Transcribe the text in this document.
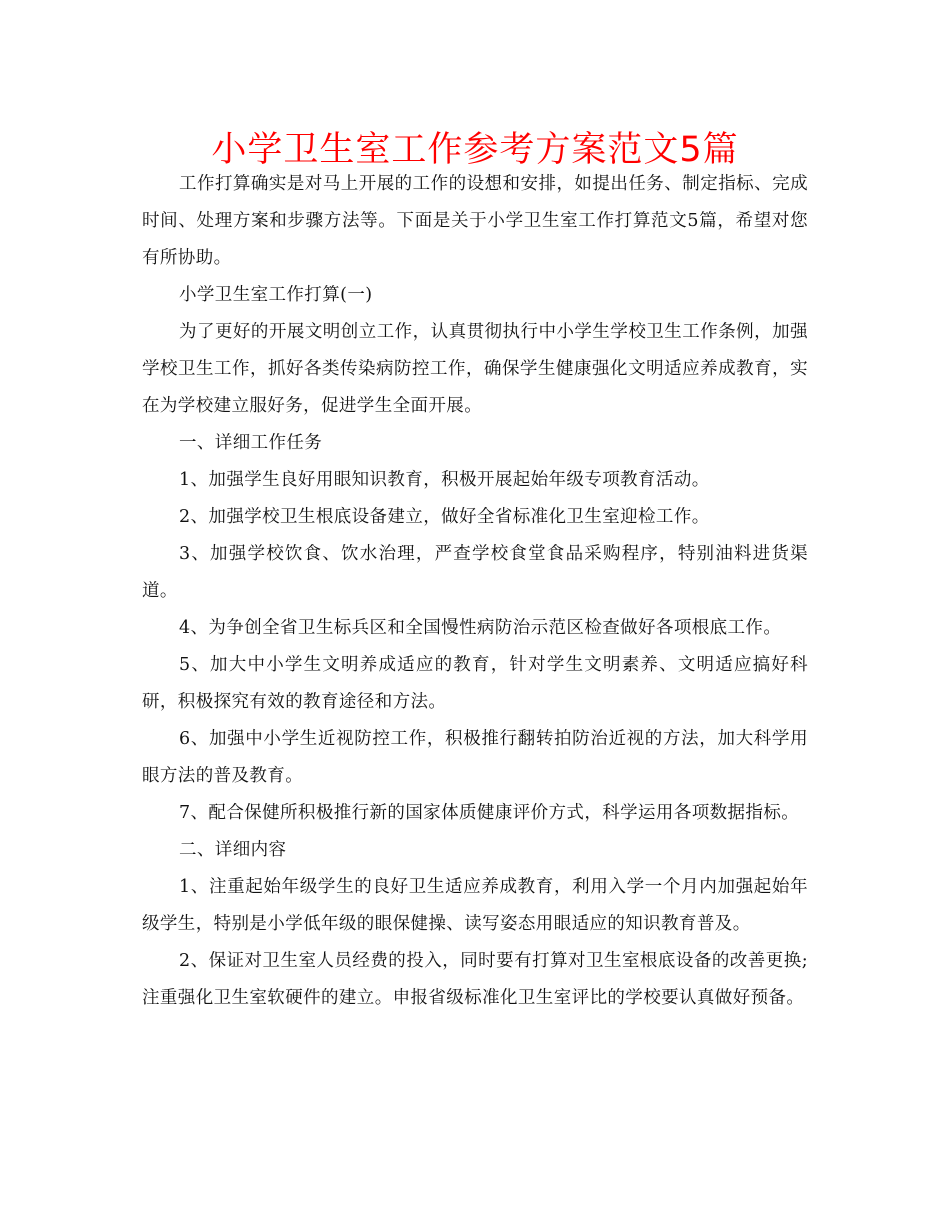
小学卫生室工作参考方案范文5篇

工作打算确实是对马上开展的工作的设想和安排，如提出任务、制定指标、完成时间、处理方案和步骤方法等。下面是关于小学卫生室工作打算范文5篇，希望对您有所协助。

小学卫生室工作打算(一)

为了更好的开展文明创立工作，认真贯彻执行中小学生学校卫生工作条例，加强学校卫生工作，抓好各类传染病防控工作，确保学生健康强化文明适应养成教育，实在为学校建立服好务，促进学生全面开展。

一、详细工作任务

1、加强学生良好用眼知识教育，积极开展起始年级专项教育活动。

2、加强学校卫生根底设备建立，做好全省标准化卫生室迎检工作。

3、加强学校饮食、饮水治理，严查学校食堂食品采购程序，特别油料进货渠道。

4、为争创全省卫生标兵区和全国慢性病防治示范区检查做好各项根底工作。

5、加大中小学生文明养成适应的教育，针对学生文明素养、文明适应搞好科研，积极探究有效的教育途径和方法。

6、加强中小学生近视防控工作，积极推行翻转拍防治近视的方法，加大科学用眼方法的普及教育。

7、配合保健所积极推行新的国家体质健康评价方式，科学运用各项数据指标。

二、详细内容

1、注重起始年级学生的良好卫生适应养成教育，利用入学一个月内加强起始年级学生，特别是小学低年级的眼保健操、读写姿态用眼适应的知识教育普及。

2、保证对卫生室人员经费的投入，同时要有打算对卫生室根底设备的改善更换;注重强化卫生室软硬件的建立。申报省级标准化卫生室评比的学校要认真做好预备。
